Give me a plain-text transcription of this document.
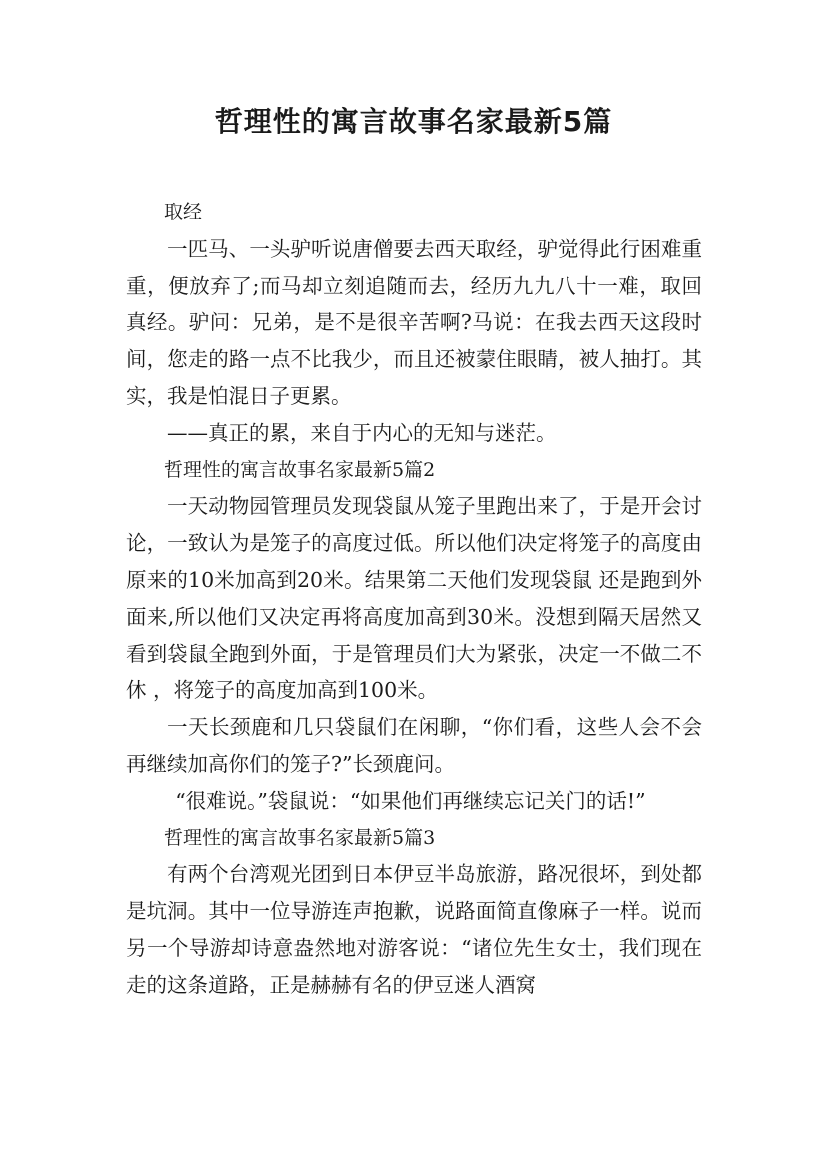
哲理性的寓言故事名家最新5篇

取经

一匹马、一头驴听说唐僧要去西天取经，驴觉得此行困难重重，便放弃了;而马却立刻追随而去，经历九九八十一难，取回真经。驴问：兄弟，是不是很辛苦啊?马说：在我去西天这段时间，您走的路一点不比我少，而且还被蒙住眼睛，被人抽打。其实，我是怕混日子更累。

——真正的累，来自于内心的无知与迷茫。

哲理性的寓言故事名家最新5篇2

一天动物园管理员发现袋鼠从笼子里跑出来了，于是开会讨论，一致认为是笼子的高度过低。所以他们决定将笼子的高度由原来的10米加高到20米。结果第二天他们发现袋鼠 还是跑到外面来,所以他们又决定再将高度加高到30米。没想到隔天居然又看到袋鼠全跑到外面，于是管理员们大为紧张，决定一不做二不休 ，将笼子的高度加高到100米。

一天长颈鹿和几只袋鼠们在闲聊，“你们看，这些人会不会再继续加高你们的笼子?”长颈鹿问。

“很难说。”袋鼠说：“如果他们再继续忘记关门的话!”

哲理性的寓言故事名家最新5篇3

有两个台湾观光团到日本伊豆半岛旅游，路况很坏，到处都是坑洞。其中一位导游连声抱歉，说路面简直像麻子一样。说而另一个导游却诗意盎然地对游客说：“诸位先生女士，我们现在走的这条道路，正是赫赫有名的伊豆迷人酒窝
